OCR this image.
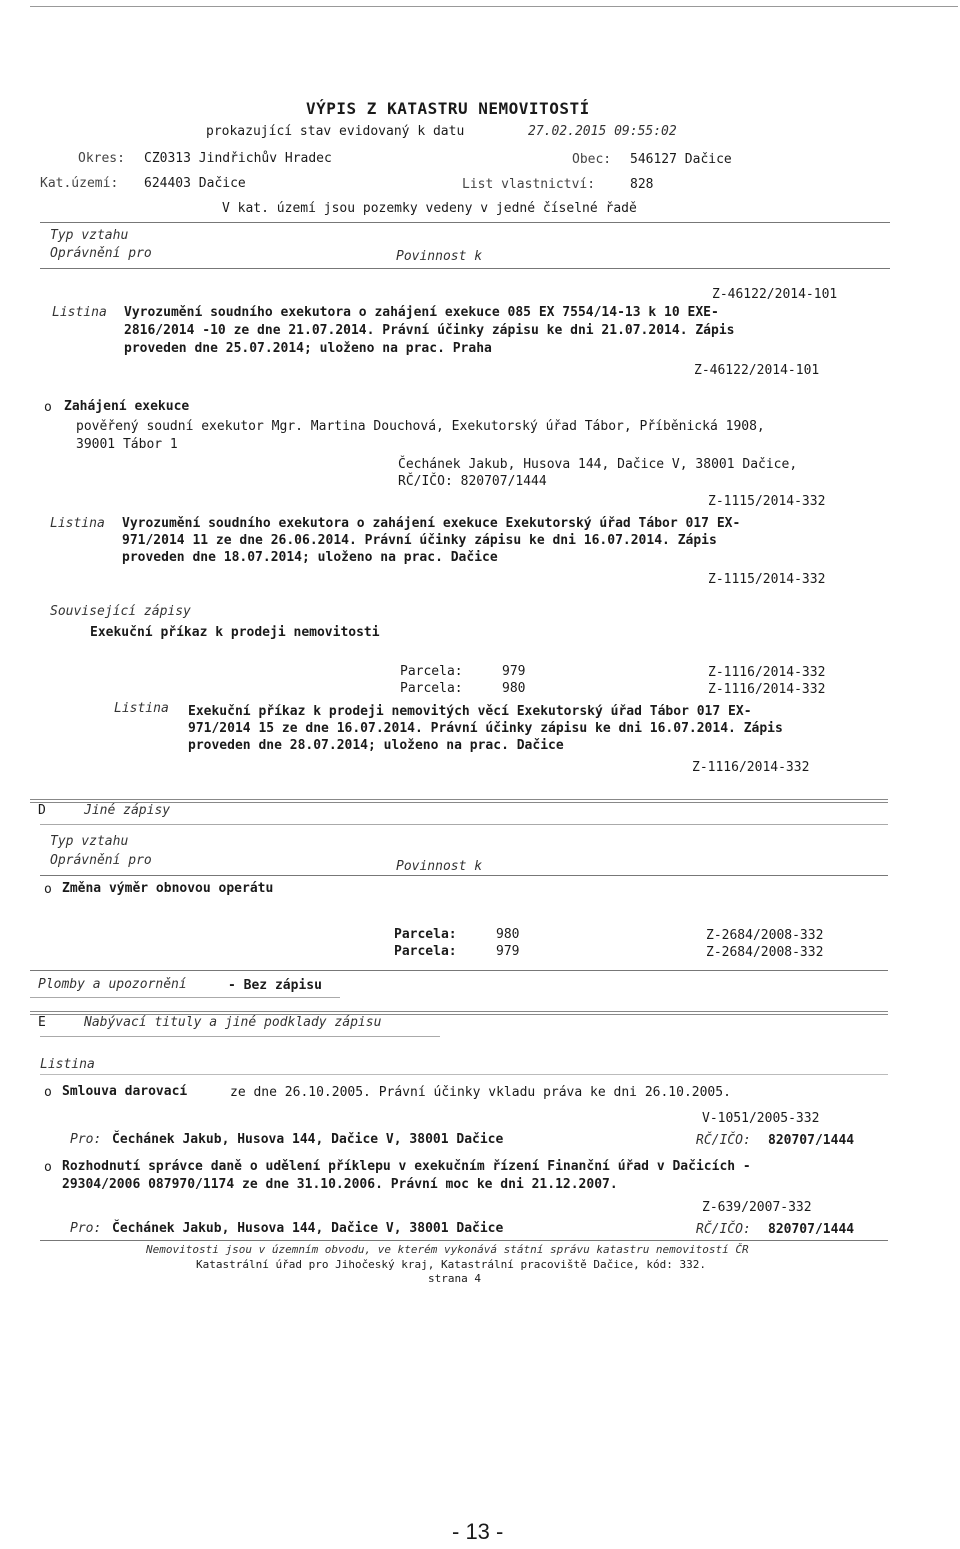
VÝPIS Z KATASTRU NEMOVITOSTÍ
prokazující stav evidovaný k datu	27.02.2015 09:55:02
Okres: CZ0313 Jindřichův Hradec	Obec: 546127 Dačice
Kat.území: 624403 Dačice	List vlastnictví:	828
V kat. území jsou pozemky vedeny v jedné číselné řadě
Typ vztahu
Oprávnění pro	Povinnost k
Z-46122/2014-101
Listina Vyrozumění soudního exekutora o zahájení exekuce 085 EX 7554/14-13 k 10 EXE-
2816/2014 -10 ze dne 21.07.2014. Právní účinky zápisu ke dni 21.07.2014. Zápis
proveden dne 25.07.2014; uloženo na prac. Praha
Z-46122/2014-101
o Zahájení exekuce
pověřený soudní exekutor Mgr. Martina Douchová, Exekutorský úřad Tábor, Příběnická 1908,
39001 Tábor 1
Čechánek Jakub, Husova 144, Dačice V, 38001 Dačice,
RČ/IČO: 820707/1444
Z-1115/2014-332
Listina Vyrozumění soudního exekutora o zahájení exekuce Exekutorský úřad Tábor 017 EX-
971/2014 11 ze dne 26.06.2014. Právní účinky zápisu ke dni 16.07.2014. Zápis
proveden dne 18.07.2014; uloženo na prac. Dačice
Z-1115/2014-332
Související zápisy
Exekuční příkaz k prodeji nemovitosti
Parcela:	979	Z-1116/2014-332
Parcela:	980	Z-1116/2014-332
Listina Exekuční příkaz k prodeji nemovitých věcí Exekutorský úřad Tábor 017 EX-
971/2014 15 ze dne 16.07.2014. Právní účinky zápisu ke dni 16.07.2014. Zápis
proveden dne 28.07.2014; uloženo na prac. Dačice
Z-1116/2014-332
D	Jiné zápisy
Typ vztahu
Oprávnění pro	Povinnost k
o Změna výměr obnovou operátu
Parcela:	980	Z-2684/2008-332
Parcela:	979	Z-2684/2008-332
Plomby a upozornění	- Bez zápisu
E	Nabývací tituly a jiné podklady zápisu
Listina
o Smlouva darovací	ze dne 26.10.2005. Právní účinky vkladu práva ke dni 26.10.2005.
V-1051/2005-332
Pro: Čechánek Jakub, Husova 144, Dačice V, 38001 Dačice	RČ/IČO: 820707/1444
o Rozhodnutí správce daně o udělení příklepu v exekučním řízení Finanční úřad v Dačicích -
29304/2006 087970/1174 ze dne 31.10.2006. Právní moc ke dni 21.12.2007.
Z-639/2007-332
Pro: Čechánek Jakub, Husova 144, Dačice V, 38001 Dačice	RČ/IČO: 820707/1444
Nemovitosti jsou v územním obvodu, ve kterém vykonává státní správu katastru nemovitostí ČR
Katastrální úřad pro Jihočeský kraj, Katastrální pracoviště Dačice, kód: 332.
strana 4
- 13 -
